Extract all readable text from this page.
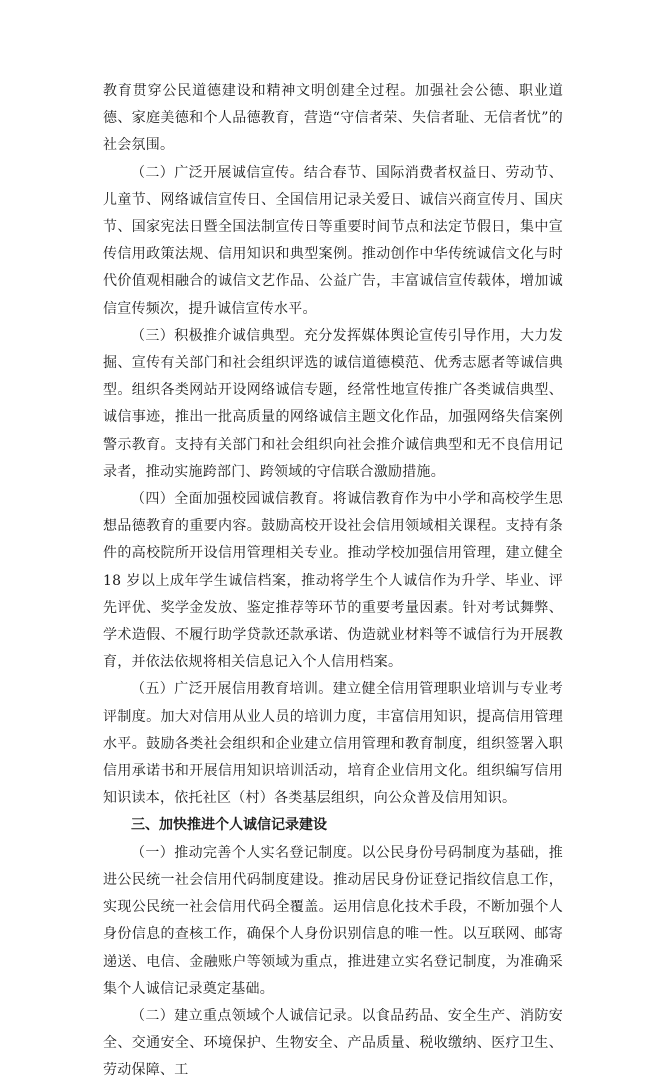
教育贯穿公民道德建设和精神文明创建全过程。加强社会公德、职业道德、家庭美德和个人品德教育，营造“守信者荣、失信者耻、无信者忧”的社会氛围。

（二）广泛开展诚信宣传。结合春节、国际消费者权益日、劳动节、儿童节、网络诚信宣传日、全国信用记录关爱日、诚信兴商宣传月、国庆节、国家宪法日暨全国法制宣传日等重要时间节点和法定节假日，集中宣传信用政策法规、信用知识和典型案例。推动创作中华传统诚信文化与时代价值观相融合的诚信文艺作品、公益广告，丰富诚信宣传载体，增加诚信宣传频次，提升诚信宣传水平。

（三）积极推介诚信典型。充分发挥媒体舆论宣传引导作用，大力发掘、宣传有关部门和社会组织评选的诚信道德模范、优秀志愿者等诚信典型。组织各类网站开设网络诚信专题，经常性地宣传推广各类诚信典型、诚信事迹，推出一批高质量的网络诚信主题文化作品，加强网络失信案例警示教育。支持有关部门和社会组织向社会推介诚信典型和无不良信用记录者，推动实施跨部门、跨领域的守信联合激励措施。

（四）全面加强校园诚信教育。将诚信教育作为中小学和高校学生思想品德教育的重要内容。鼓励高校开设社会信用领域相关课程。支持有条件的高校院所开设信用管理相关专业。推动学校加强信用管理，建立健全 18 岁以上成年学生诚信档案，推动将学生个人诚信作为升学、毕业、评先评优、奖学金发放、鉴定推荐等环节的重要考量因素。针对考试舞弊、学术造假、不履行助学贷款还款承诺、伪造就业材料等不诚信行为开展教育，并依法依规将相关信息记入个人信用档案。

（五）广泛开展信用教育培训。建立健全信用管理职业培训与专业考评制度。加大对信用从业人员的培训力度，丰富信用知识，提高信用管理水平。鼓励各类社会组织和企业建立信用管理和教育制度，组织签署入职信用承诺书和开展信用知识培训活动，培育企业信用文化。组织编写信用知识读本，依托社区（村）各类基层组织，向公众普及信用知识。

三、加快推进个人诚信记录建设

（一）推动完善个人实名登记制度。以公民身份号码制度为基础，推进公民统一社会信用代码制度建设。推动居民身份证登记指纹信息工作，实现公民统一社会信用代码全覆盖。运用信息化技术手段，不断加强个人身份信息的查核工作，确保个人身份识别信息的唯一性。以互联网、邮寄递送、电信、金融账户等领域为重点，推进建立实名登记制度，为准确采集个人诚信记录奠定基础。

（二）建立重点领域个人诚信记录。以食品药品、安全生产、消防安全、交通安全、环境保护、生物安全、产品质量、税收缴纳、医疗卫生、劳动保障、工
